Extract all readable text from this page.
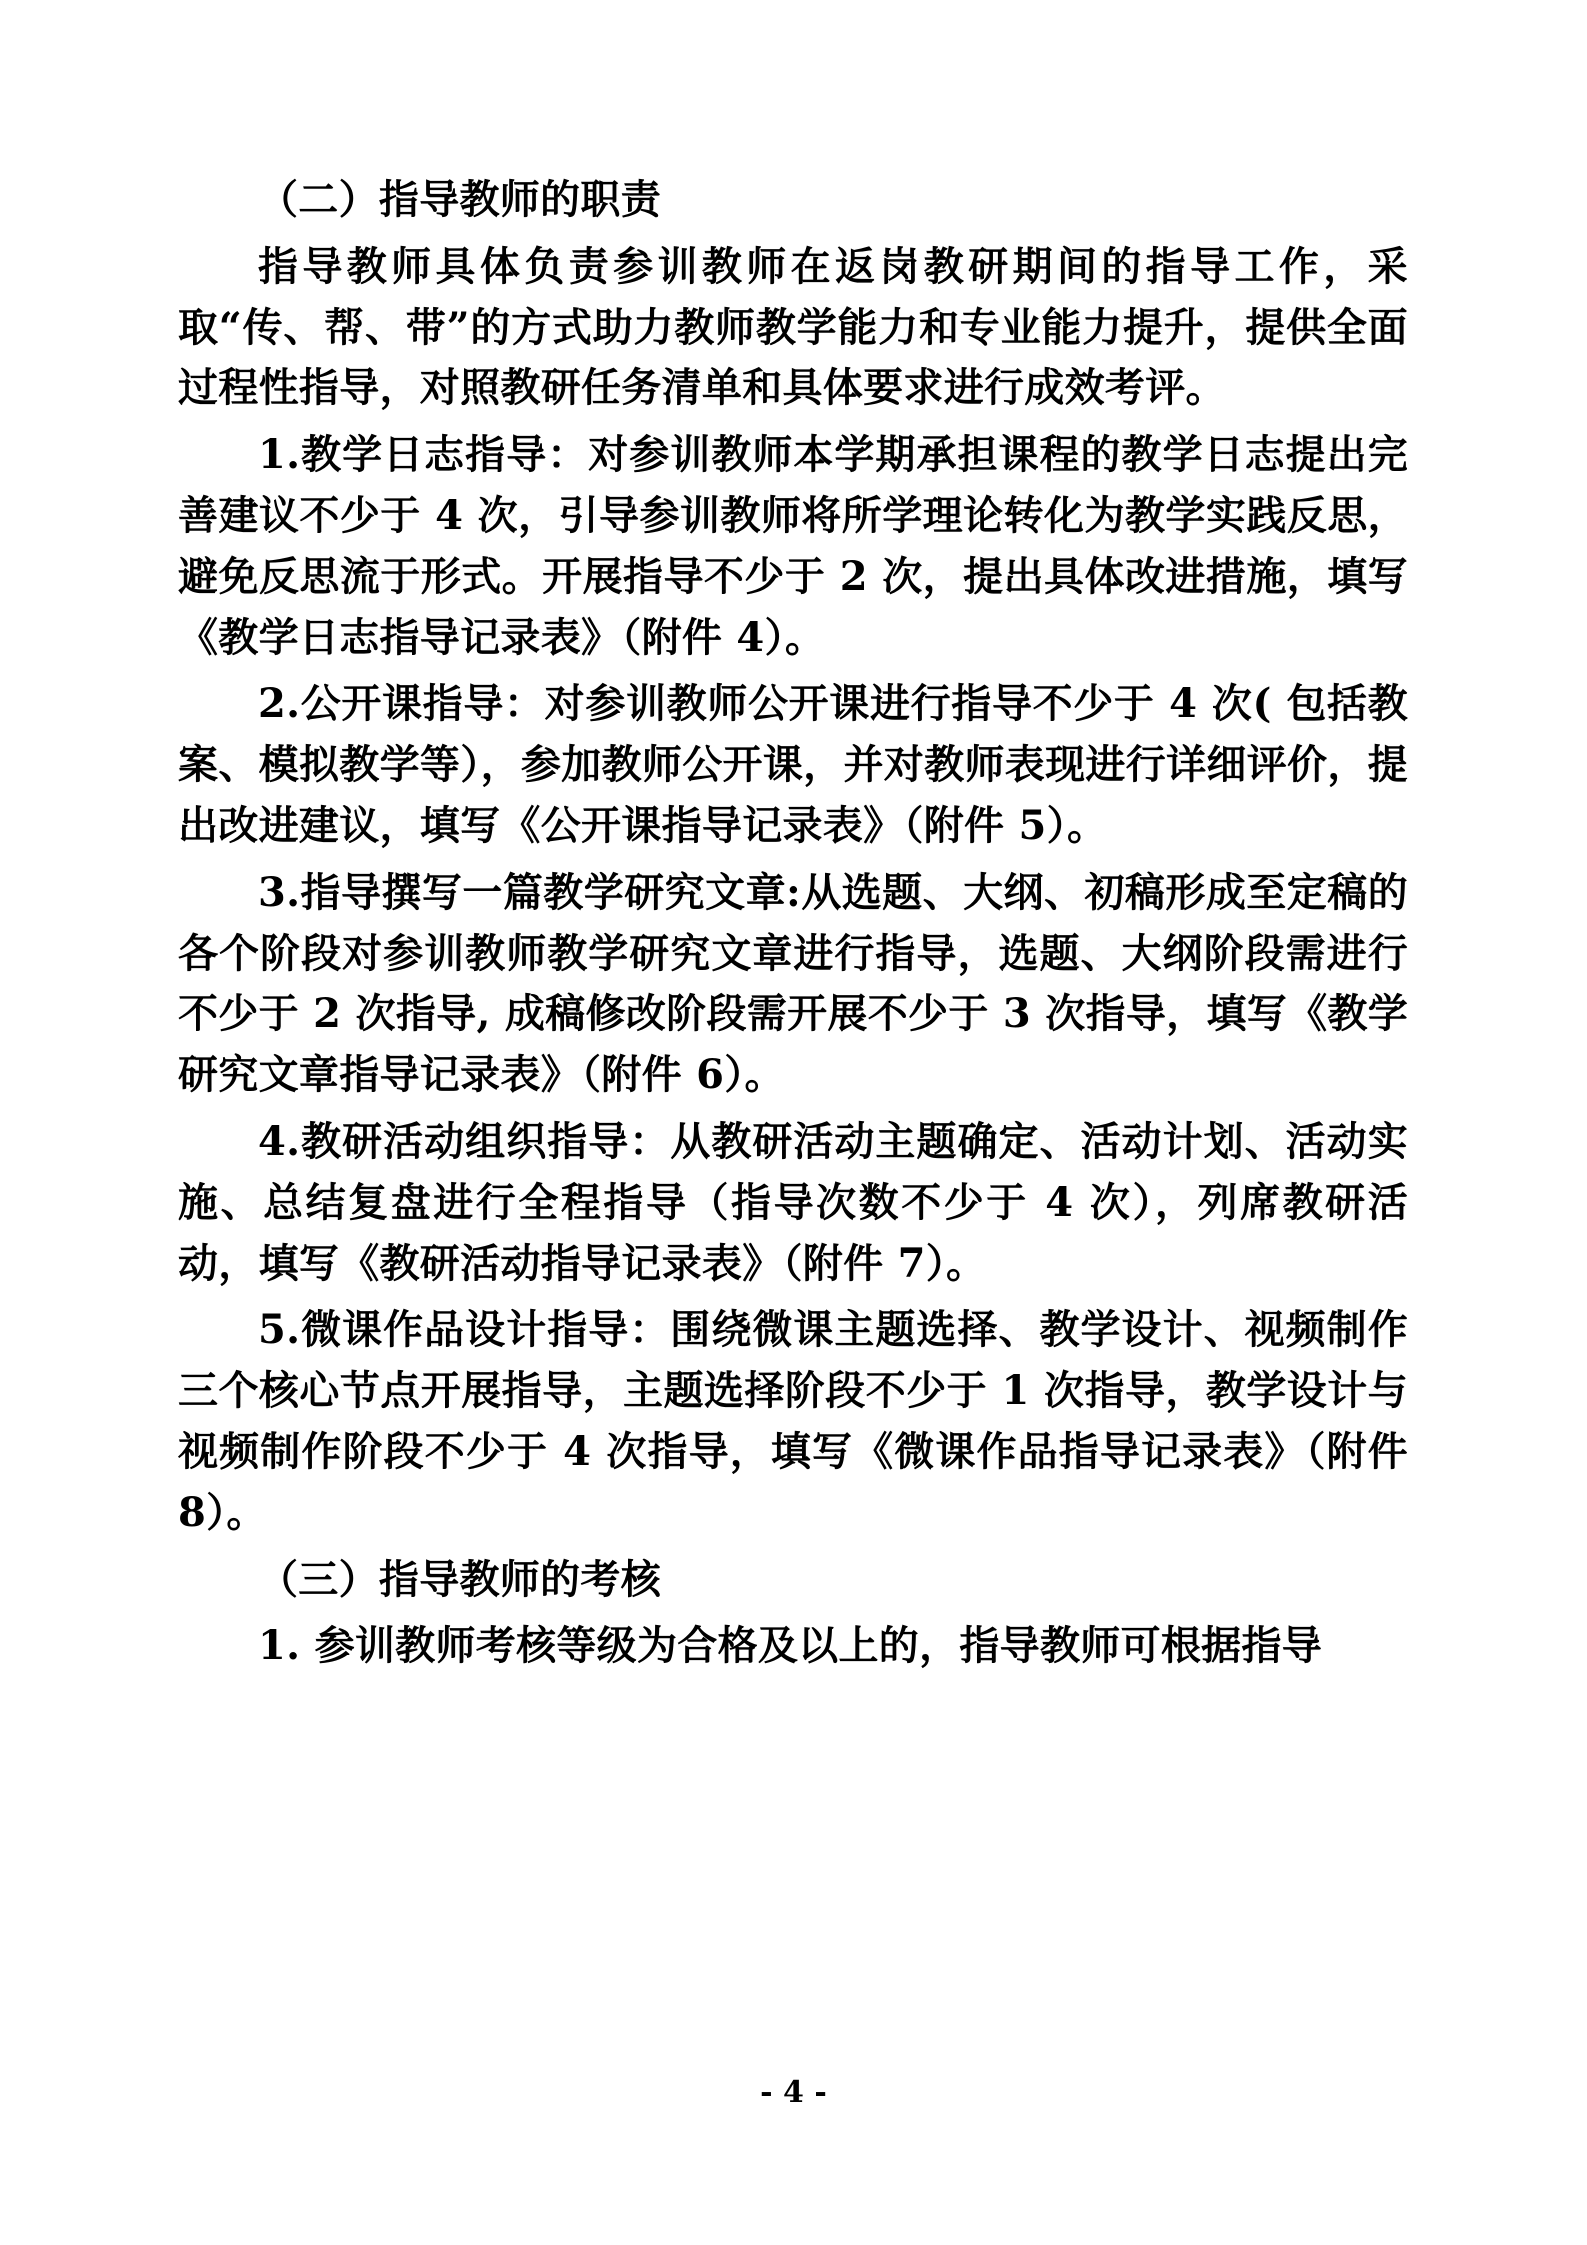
（二）指导教师的职责

指导教师具体负责参训教师在返岗教研期间的指导工作，采取“传、帮、带”的方式助力教师教学能力和专业能力提升，提供全面过程性指导，对照教研任务清单和具体要求进行成效考评。

1.教学日志指导：对参训教师本学期承担课程的教学日志提出完善建议不少于 4 次，引导参训教师将所学理论转化为教学实践反思，避免反思流于形式。开展指导不少于 2 次，提出具体改进措施，填写《教学日志指导记录表》（附件 4）。

2.公开课指导：对参训教师公开课进行指导不少于 4 次( 包括教案、模拟教学等），参加教师公开课，并对教师表现进行详细评价，提出改进建议，填写《公开课指导记录表》（附件 5）。

3.指导撰写一篇教学研究文章:从选题、大纲、初稿形成至定稿的各个阶段对参训教师教学研究文章进行指导，选题、大纲阶段需进行不少于 2 次指导, 成稿修改阶段需开展不少于 3 次指导，填写《教学研究文章指导记录表》（附件 6）。

4.教研活动组织指导：从教研活动主题确定、活动计划、活动实施、总结复盘进行全程指导（指导次数不少于 4 次），列席教研活动，填写《教研活动指导记录表》（附件 7）。

5.微课作品设计指导：围绕微课主题选择、教学设计、视频制作三个核心节点开展指导，主题选择阶段不少于 1 次指导，教学设计与视频制作阶段不少于 4 次指导，填写《微课作品指导记录表》（附件 8）。

（三）指导教师的考核

1. 参训教师考核等级为合格及以上的，指导教师可根据指导

- 4 -
